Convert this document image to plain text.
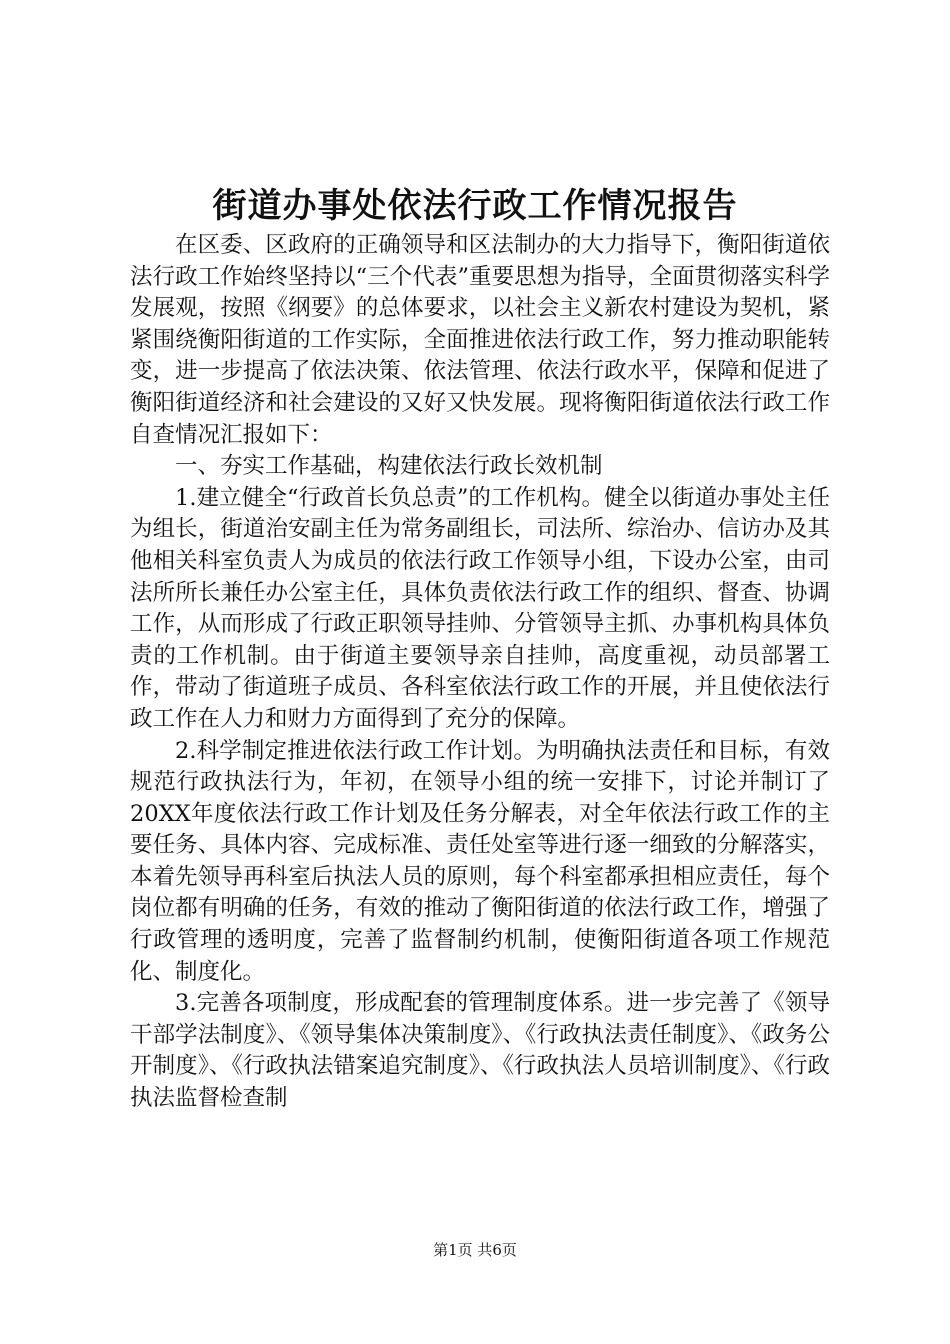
街道办事处依法行政工作情况报告

在区委、区政府的正确领导和区法制办的大力指导下，衡阳街道依法行政工作始终坚持以“三个代表”重要思想为指导，全面贯彻落实科学发展观，按照《纲要》的总体要求，以社会主义新农村建设为契机，紧紧围绕衡阳街道的工作实际，全面推进依法行政工作，努力推动职能转变，进一步提高了依法决策、依法管理、依法行政水平，保障和促进了衡阳街道经济和社会建设的又好又快发展。现将衡阳街道依法行政工作自查情况汇报如下：

一、夯实工作基础，构建依法行政长效机制

1.建立健全“行政首长负总责”的工作机构。健全以街道办事处主任为组长，街道治安副主任为常务副组长，司法所、综治办、信访办及其他相关科室负责人为成员的依法行政工作领导小组，下设办公室，由司法所所长兼任办公室主任，具体负责依法行政工作的组织、督查、协调工作，从而形成了行政正职领导挂帅、分管领导主抓、办事机构具体负责的工作机制。由于街道主要领导亲自挂帅，高度重视，动员部署工作，带动了街道班子成员、各科室依法行政工作的开展，并且使依法行政工作在人力和财力方面得到了充分的保障。

2.科学制定推进依法行政工作计划。为明确执法责任和目标，有效规范行政执法行为，年初，在领导小组的统一安排下，讨论并制订了20XX年度依法行政工作计划及任务分解表，对全年依法行政工作的主要任务、具体内容、完成标准、责任处室等进行逐一细致的分解落实，本着先领导再科室后执法人员的原则，每个科室都承担相应责任，每个岗位都有明确的任务，有效的推动了衡阳街道的依法行政工作，增强了行政管理的透明度，完善了监督制约机制，使衡阳街道各项工作规范化、制度化。

3.完善各项制度，形成配套的管理制度体系。进一步完善了《领导干部学法制度》、《领导集体决策制度》、《行政执法责任制度》、《政务公开制度》、《行政执法错案追究制度》、《行政执法人员培训制度》、《行政执法监督检查制

第1页 共6页
